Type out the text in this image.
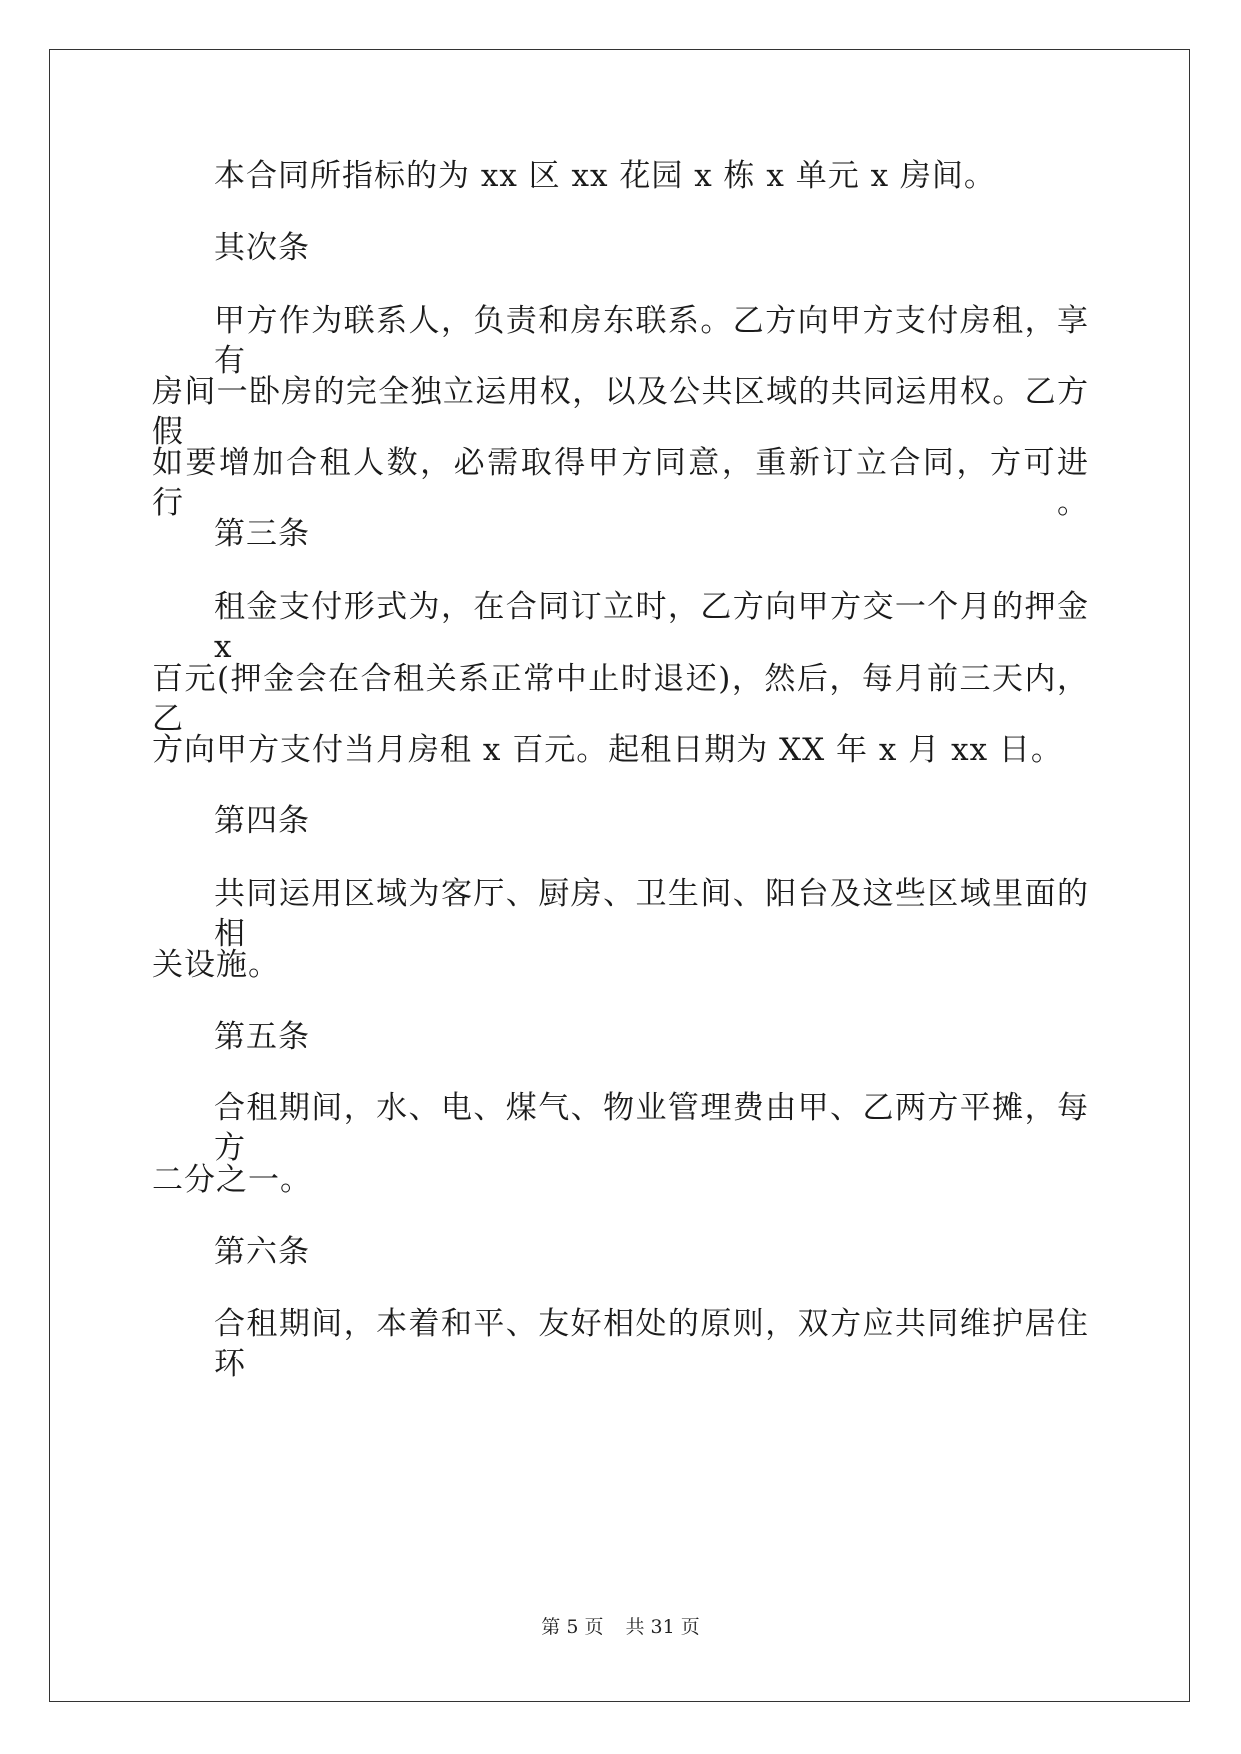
本合同所指标的为 xx 区 xx 花园 x 栋 x 单元 x 房间。

其次条

甲方作为联系人，负责和房东联系。乙方向甲方支付房租，享有

房间一卧房的完全独立运用权，以及公共区域的共同运用权。乙方假

如要增加合租人数，必需取得甲方同意，重新订立合同，方可进行。

第三条

租金支付形式为，在合同订立时，乙方向甲方交一个月的押金 x

百元(押金会在合租关系正常中止时退还)，然后，每月前三天内，乙

方向甲方支付当月房租 x 百元。起租日期为 XX 年 x 月 xx 日。

第四条

共同运用区域为客厅、厨房、卫生间、阳台及这些区域里面的相

关设施。

第五条

合租期间，水、电、煤气、物业管理费由甲、乙两方平摊，每方

二分之一。

第六条

合租期间，本着和平、友好相处的原则，双方应共同维护居住环

第 5 页 共 31 页
